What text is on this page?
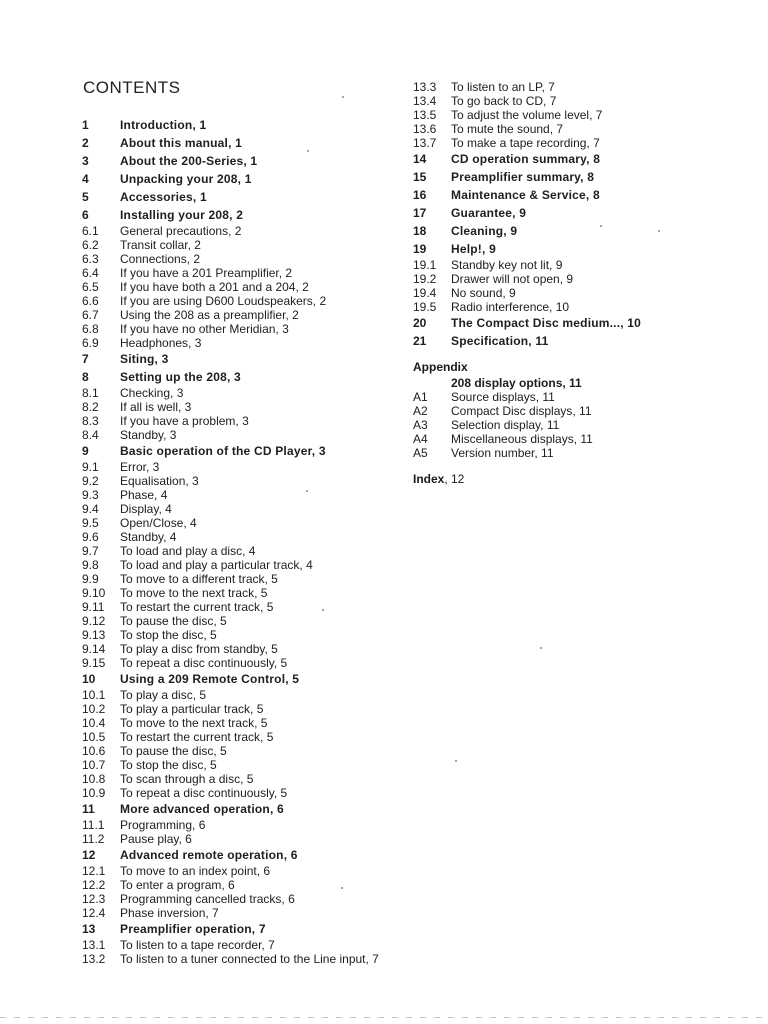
CONTENTS
1	Introduction, 1
2	About this manual, 1
3	About the 200-Series, 1
4	Unpacking your 208, 1
5	Accessories, 1
6	Installing your 208, 2
6.1 General precautions, 2
6.2 Transit collar, 2
6.3 Connections, 2
6.4 If you have a 201 Preamplifier, 2
6.5 If you have both a 201 and a 204, 2
6.6 If you are using D600 Loudspeakers, 2
6.7 Using the 208 as a preamplifier, 2
6.8 If you have no other Meridian, 3
6.9 Headphones, 3
7	Siting, 3
8	Setting up the 208, 3
8.1 Checking, 3
8.2 If all is well, 3
8.3 If you have a problem, 3
8.4 Standby, 3
9	Basic operation of the CD Player, 3
9.1 Error, 3
9.2 Equalisation, 3
9.3 Phase, 4
9.4 Display, 4
9.5 Open/Close, 4
9.6 Standby, 4
9.7 To load and play a disc, 4
9.8 To load and play a particular track, 4
9.9 To move to a different track, 5
9.10 To move to the next track, 5
9.11 To restart the current track, 5
9.12 To pause the disc, 5
9.13 To stop the disc, 5
9.14 To play a disc from standby, 5
9.15 To repeat a disc continuously, 5
10 Using a 209 Remote Control, 5
10.1 To play a disc, 5
10.2 To play a particular track, 5
10.4 To move to the next track, 5
10.5 To restart the current track, 5
10.6 To pause the disc, 5
10.7 To stop the disc, 5
10.8 To scan through a disc, 5
10.9 To repeat a disc continuously, 5
11 More advanced operation, 6
11.1 Programming, 6
11.2 Pause play, 6
12 Advanced remote operation, 6
12.1 To move to an index point, 6
12.2 To enter a program, 6
12.3 Programming cancelled tracks, 6
12.4 Phase inversion, 7
13 Preamplifier operation, 7
13.1 To listen to a tape recorder, 7
13.2 To listen to a tuner connected to the Line input, 7
13.3 To listen to an LP, 7
13.4 To go back to CD, 7
13.5 To adjust the volume level, 7
13.6 To mute the sound, 7
13.7 To make a tape recording, 7
14 CD operation summary, 8
15 Preamplifier summary, 8
16 Maintenance & Service, 8
17 Guarantee, 9
18 Cleaning, 9
19 Help!, 9
19.1 Standby key not lit, 9
19.2 Drawer will not open, 9
19.4 No sound, 9
19.5 Radio interference, 10
20 The Compact Disc medium..., 10
21 Specification, 11
Appendix
208 display options, 11
A1 Source displays, 11
A2 Compact Disc displays, 11
A3 Selection display, 11
A4 Miscellaneous displays, 11
A5 Version number, 11
Index, 12
